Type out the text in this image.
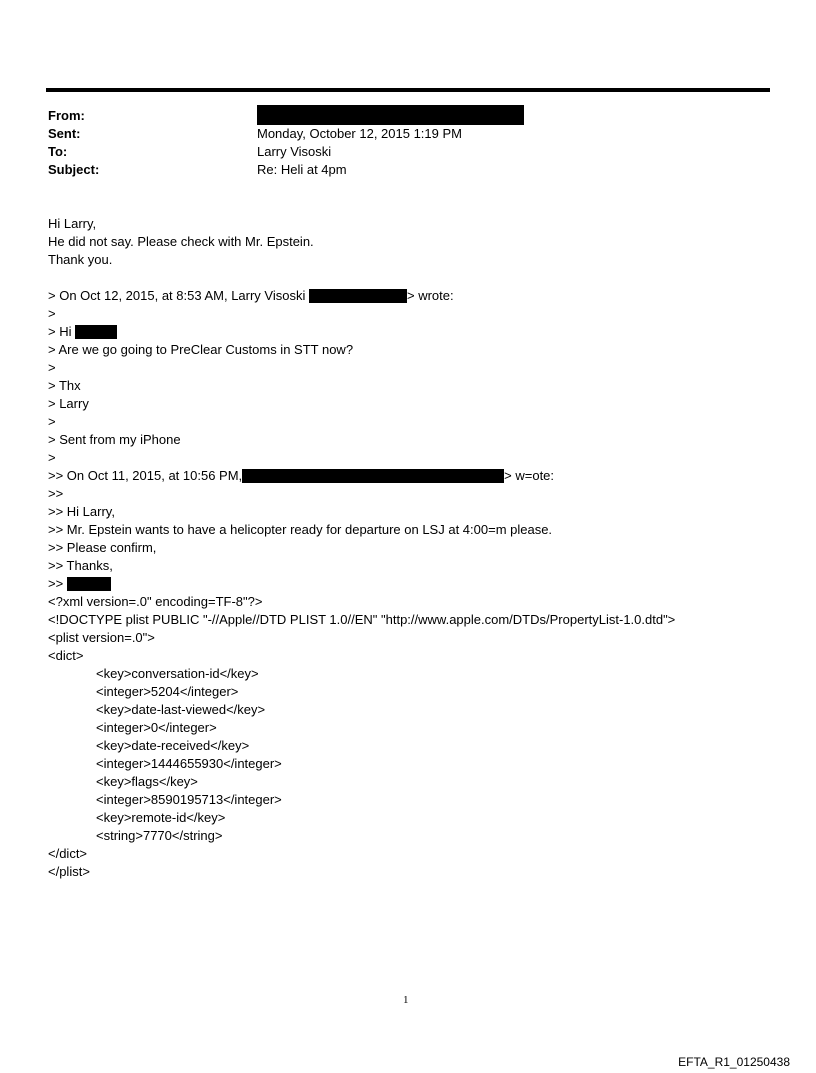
From:
Sent:	Monday, October 12, 2015 1:19 PM
To:	Larry Visoski
Subject:	Re: Heli at 4pm
Hi Larry,
He did not say. Please check with Mr. Epstein.
Thank you.
> On Oct 12, 2015, at 8:53 AM, Larry Visoski	> wrote:
>
> Hi
> Are we go going to PreClear Customs in STT now?
>
> Thx
> Larry
>
> Sent from my iPhone
>
>> On Oct 11, 2015, at 10:56 PM,	> w=ote:
>>
>> Hi Larry,
>> Mr. Epstein wants to have a helicopter ready for departure on LSJ at 4:00=m please.
>> Please confirm,
>> Thanks,
>>
<?xml version=.0" encoding=TF-8"?>
<!DOCTYPE plist PUBLIC "-//Apple//DTD PLIST 1.0//EN" "http://www.apple.com/DTDs/PropertyList-1.0.dtd">
<plist version=.0">
<dict>
<key>conversation-id</key>
<integer>5204</integer>
<key>date-last-viewed</key>
<integer>0</integer>
<key>date-received</key>
<integer>1444655930</integer>
<key>flags</key>
<integer>8590195713</integer>
<key>remote-id</key>
<string>7770</string>
</dict>
</plist>
1
EFTA_R1_01250438
